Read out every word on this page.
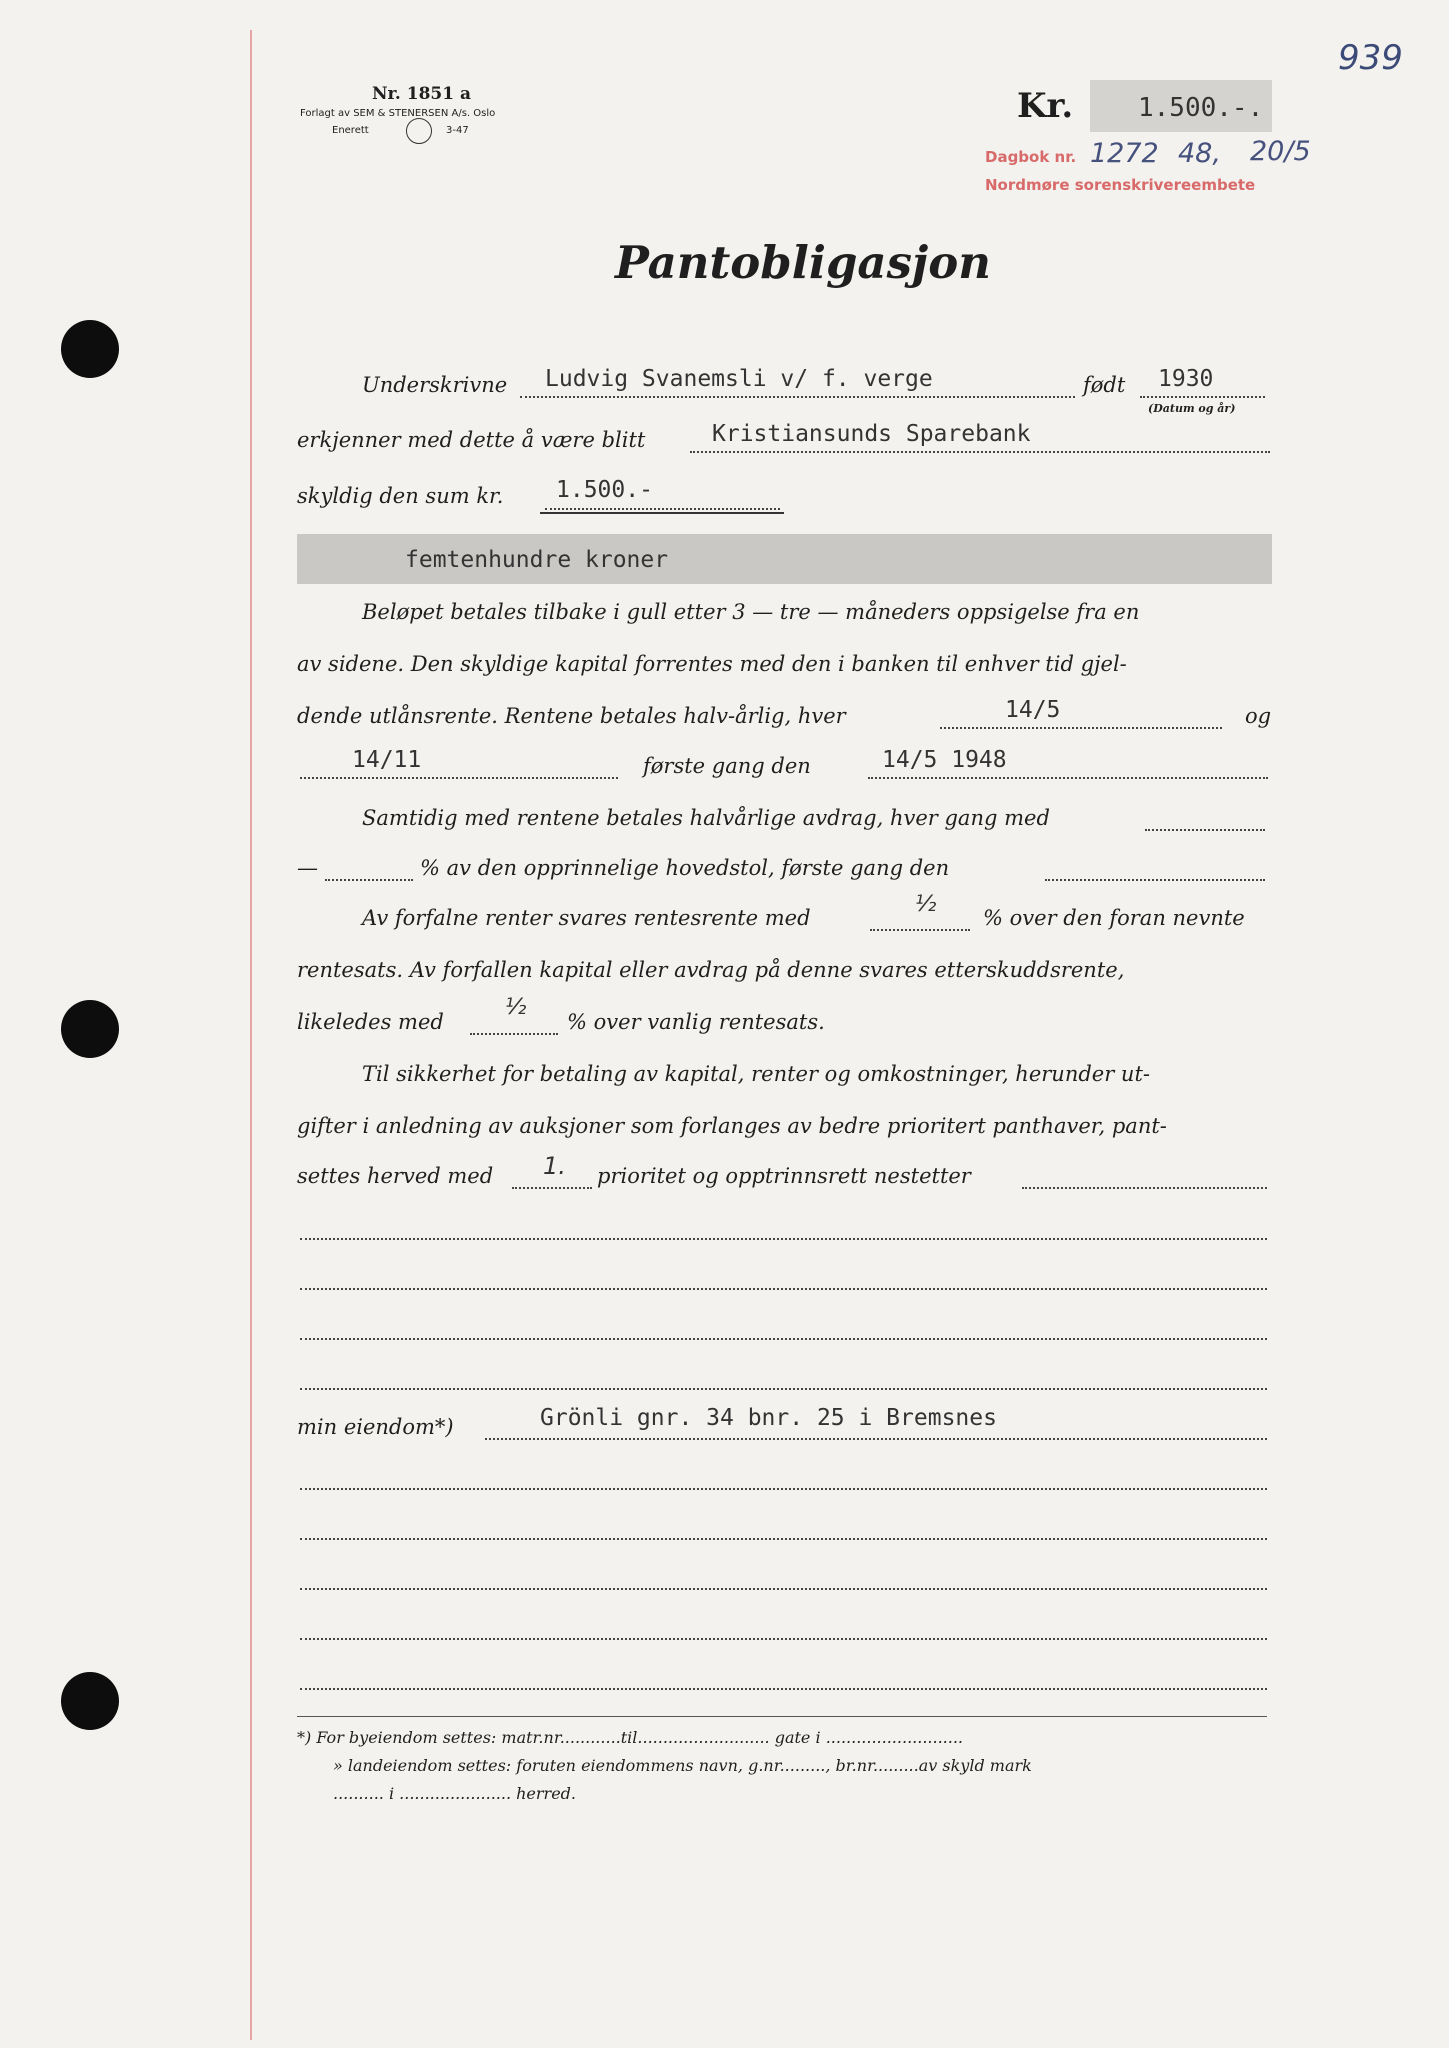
939
Nr. 1851 a
Forlagt av SEM & STENERSEN A/s. Oslo
Enerett	3-47
Kr. 1.500.-.
Dagbok nr. 1272 48, 20/5
Nordmøre sorenskrivereembete
Pantobligasjon
Underskrivne Ludvig Svanemsli v/ f. verge	født 1930
(Datum og år)
erkjenner med dette å være blitt	Kristiansunds Sparebank
skyldig den sum kr. 1.500.-
femtenhundre kroner
Beløpet betales tilbake i gull etter 3 — tre — måneders oppsigelse fra en
av sidene. Den skyldige kapital forrentes med den i banken til enhver tid gjel-
dende utlånsrente. Rentene betales halv-årlig, hver	14/5	og
14/11	første gang den	14/5 1948
Samtidig med rentene betales halvårlige avdrag, hver gang med
—	% av den opprinnelige hovedstol, første gang den
Av forfalne renter svares rentesrente med
½
% over den foran nevnte
rentesats. Av forfallen kapital eller avdrag på denne svares etterskuddsrente,
likeledes med
½
% over vanlig rentesats.
Til sikkerhet for betaling av kapital, renter og omkostninger, herunder ut-
gifter i anledning av auksjoner som forlanges av bedre prioritert panthaver, pant-
settes herved med 1. prioritet og opptrinnsrett nestetter
min eiendom*)	Grönli gnr. 34 bnr. 25 i Bremsnes
*) For byeiendom settes: matr.nr............til.......................... gate i ...........................
» landeiendom settes: foruten eiendommens navn, g.nr........., br.nr.........av skyld mark
.......... i ...................... herred.
